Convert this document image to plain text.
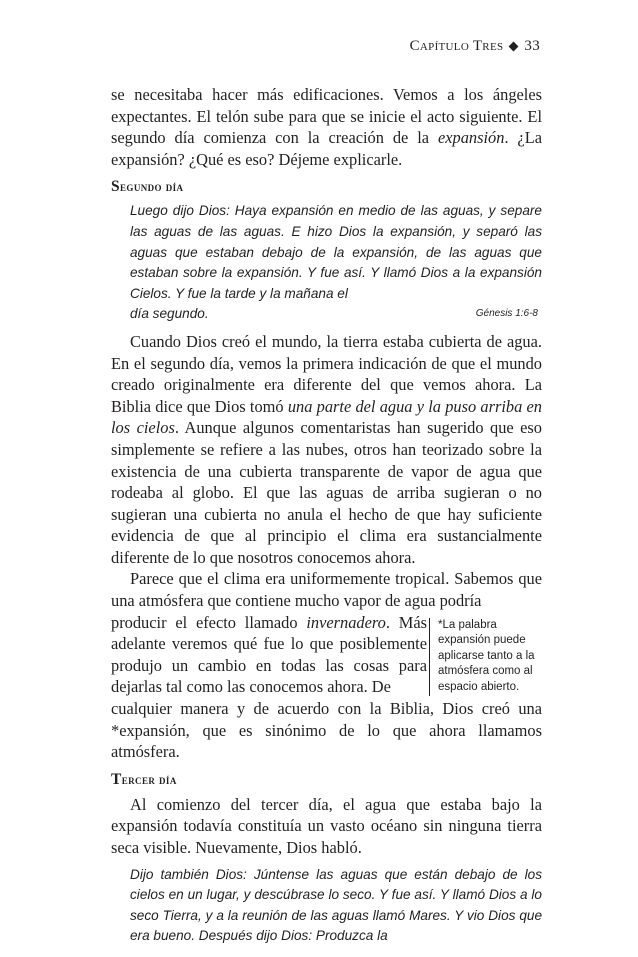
Capítulo Tres 33

se necesitaba hacer más edificaciones. Vemos a los ángeles expectantes. El telón sube para que se inicie el acto siguiente. El segundo día comienza con la creación de la expansión. ¿La expansión? ¿Qué es eso? Déjeme explicarle.

Segundo día
Luego dijo Dios: Haya expansión en medio de las aguas, y separe las aguas de las aguas. E hizo Dios la expansión, y separó las aguas que estaban debajo de la expansión, de las aguas que estaban sobre la expansión. Y fue así. Y llamó Dios a la expansión Cielos. Y fue la tarde y la mañana el
día segundo.	Génesis 1:6-8

Cuando Dios creó el mundo, la tierra estaba cubierta de agua. En el segundo día, vemos la primera indicación de que el mundo creado originalmente era diferente del que vemos ahora. La Biblia dice que Dios tomó una parte del agua y la puso arriba en los cielos. Aunque algunos comentaristas han sugerido que eso simplemente se refiere a las nubes, otros han teorizado sobre la existencia de una cubierta transparente de vapor de agua que rodeaba al globo. El que las aguas de arriba sugieran o no sugieran una cubierta no anula el hecho de que hay suficiente evidencia de que al principio el clima era sustancialmente diferente de lo que nosotros conocemos ahora.

Parece que el clima era uniformemente tropical. Sabemos que una atmósfera que contiene mucho vapor de agua podría

producir el efecto llamado invernadero. Más adelante veremos qué fue lo que posiblemente produjo un cambio en todas las cosas para dejarlas tal como las conocemos ahora. De

*La palabra expansión puede aplicarse tanto a la atmósfera como al espacio abierto.

cualquier manera y de acuerdo con la Biblia, Dios creó una *expansión, que es sinónimo de lo que ahora llamamos atmósfera.

Tercer día

Al comienzo del tercer día, el agua que estaba bajo la expansión todavía constituía un vasto océano sin ninguna tierra seca visible. Nuevamente, Dios habló.

Dijo también Dios: Júntense las aguas que están debajo de los cielos en un lugar, y descúbrase lo seco. Y fue así. Y llamó Dios a lo seco Tierra, y a la reunión de las aguas llamó Mares. Y vio Dios que era bueno. Después dijo Dios: Produzca la
